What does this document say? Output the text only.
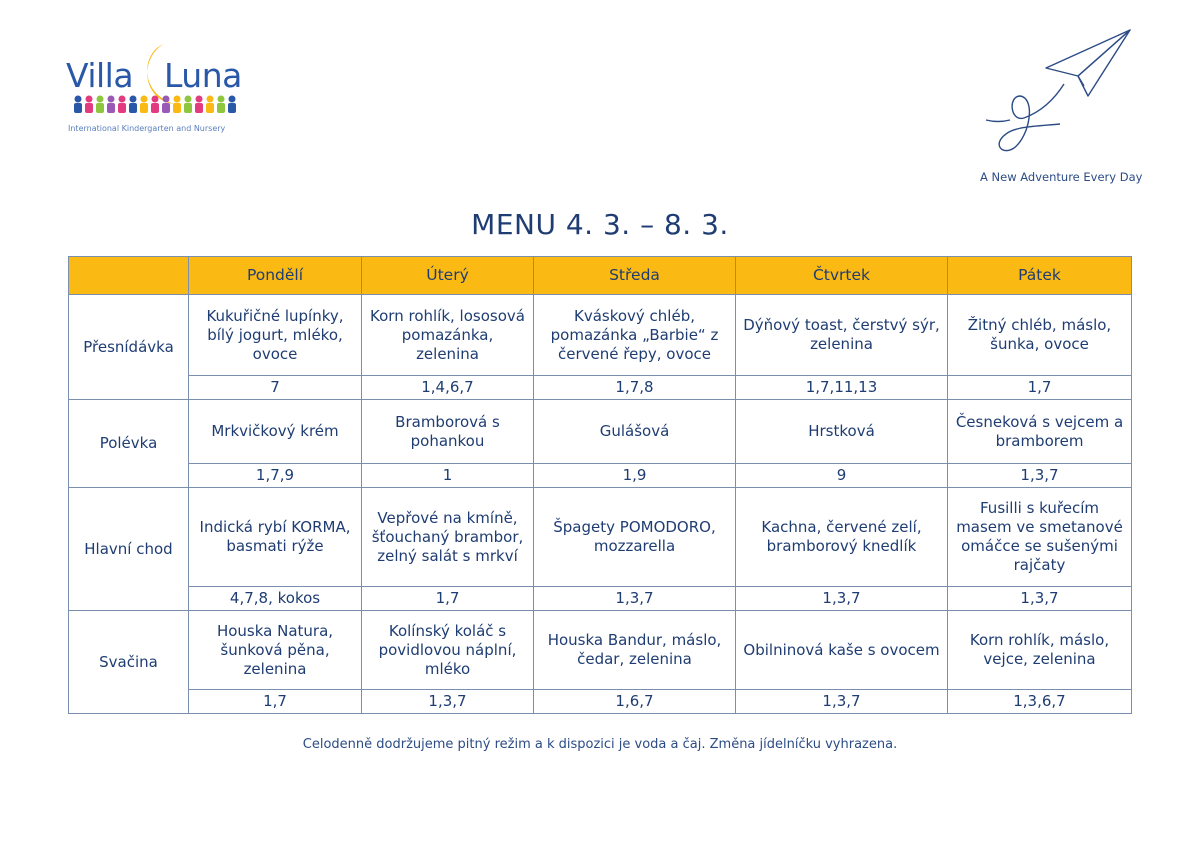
Villa Luna
International Kindergarten and Nursery
A New Adventure Every Day
MENU 4. 3. – 8. 3.
	Pondělí	Úterý	Středa	Čtvrtek	Pátek
Přesnídávka	Kukuřičné lupínky, bílý jogurt, mléko, ovoce	Korn rohlík, lososová pomazánka, zelenina	Kváskový chléb, pomazánka „Barbie“ z červené řepy, ovoce	Dýňový toast, čerstvý sýr, zelenina	Žitný chléb, máslo, šunka, ovoce
	7	1,4,6,7	1,7,8	1,7,11,13	1,7
Polévka	Mrkvičkový krém	Bramborová s pohankou	Gulášová	Hrstková	Česneková s vejcem a bramborem
	1,7,9	1	1,9	9	1,3,7
Hlavní chod	Indická rybí KORMA, basmati rýže	Vepřové na kmíně, šťouchaný brambor, zelný salát s mrkví	Špagety POMODORO, mozzarella	Kachna, červené zelí, bramborový knedlík	Fusilli s kuřecím masem ve smetanové omáčce se sušenými rajčaty
	4,7,8, kokos	1,7	1,3,7	1,3,7	1,3,7
Svačina	Houska Natura, šunková pěna, zelenina	Kolínský koláč s povidlovou náplní, mléko	Houska Bandur, máslo, čedar, zelenina	Obilninová kaše s ovocem	Korn rohlík, máslo, vejce, zelenina
	1,7	1,3,7	1,6,7	1,3,7	1,3,6,7
Celodenně dodržujeme pitný režim a k dispozici je voda a čaj. Změna jídelníčku vyhrazena.
